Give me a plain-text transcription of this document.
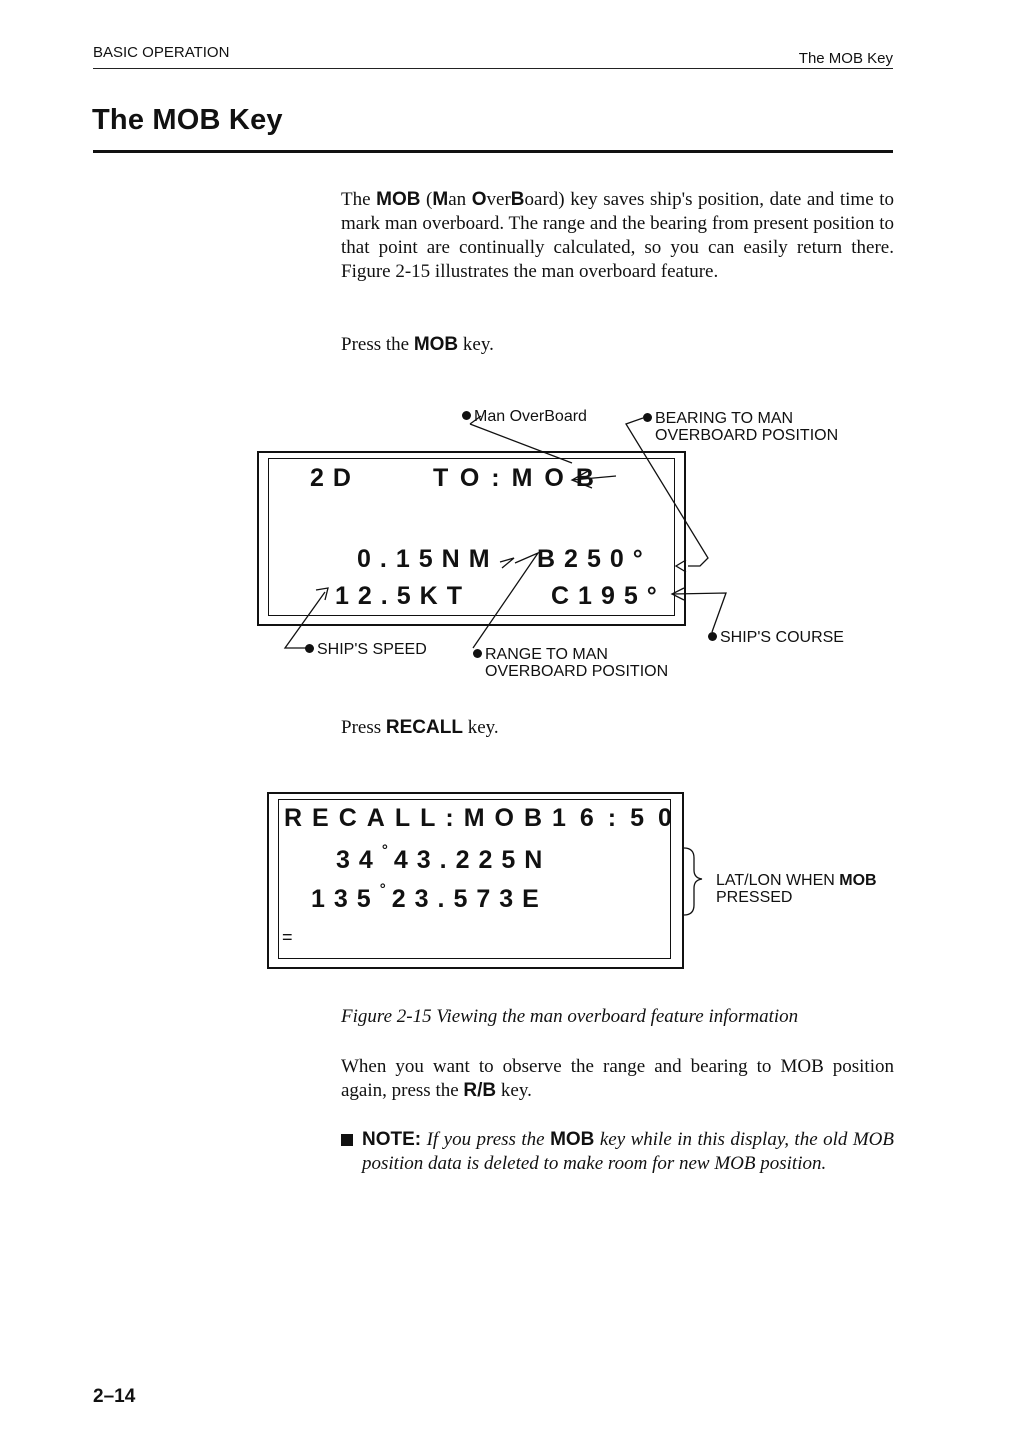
BASIC OPERATION	The MOB Key
The MOB Key
The MOB (Man OverBoard) key saves ship's position, date and time to mark man overboard. The range and the bearing from present position to that point are continually calculated, so you can easily return there. Figure 2-15 illustrates the man overboard feature.
Press the MOB key.
2D	TO:MOB
0.15NM B250°
12.5KT	C195°
Man OverBoard	BEARING TO MAN
OVERBOARD POSITION
SHIP'S SPEED	RANGE TO MAN
OVERBOARD POSITION
SHIP'S COURSE
Press RECALL key.
RECALL:MOB 16:50
34° 43.225N
135° 23.573E
=
LAT/LON WHEN MOB
PRESSED
Figure 2-15 Viewing the man overboard feature information
When you want to observe the range and bearing to MOB position again, press the R/B key.
NOTE: If you press the MOB key while in this display, the old MOB position data is deleted to make room for new MOB position.
2–14
